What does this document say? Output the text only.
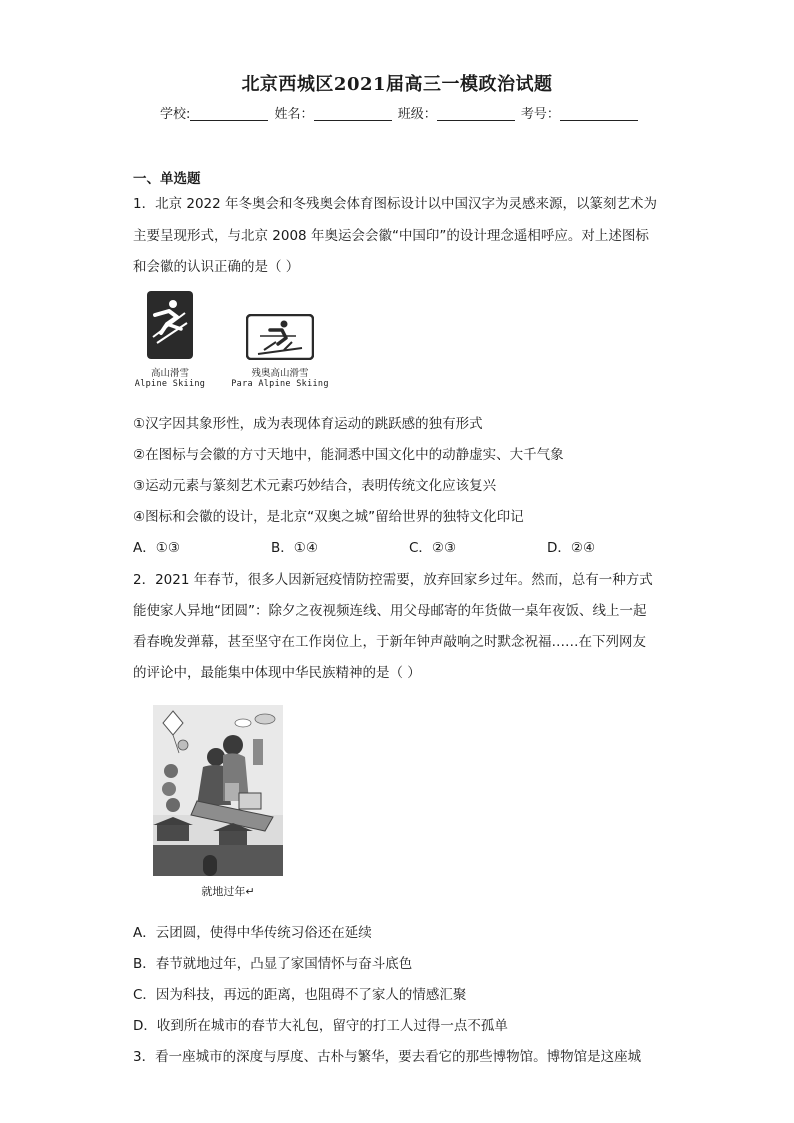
北京西城区2021届高三一模政治试题
学校:	姓名：	班级：	考号：
一、单选题
1．北京 2022 年冬奥会和冬残奥会体育图标设计以中国汉字为灵感来源，以篆刻艺术为
主要呈现形式，与北京 2008 年奥运会会徽“中国印”的设计理念遥相呼应。对上述图标
和会徽的认识正确的是（ ）
高山滑雪
Alpine Skiing
残奥高山滑雪
Para Alpine Skiing
①汉字因其象形性，成为表现体育运动的跳跃感的独有形式
②在图标与会徽的方寸天地中，能洞悉中国文化中的动静虚实、大千气象
③运动元素与篆刻艺术元素巧妙结合，表明传统文化应该复兴
④图标和会徽的设计，是北京“双奥之城”留给世界的独特文化印记
A．①③	B．①④	C．②③	D．②④
2．2021 年春节，很多人因新冠疫情防控需要，放弃回家乡过年。然而，总有一种方式
能使家人异地“团圆”：除夕之夜视频连线、用父母邮寄的年货做一桌年夜饭、线上一起
看春晚发弹幕，甚至坚守在工作岗位上，于新年钟声敲响之时默念祝福……在下列网友
的评论中，最能集中体现中华民族精神的是（ ）
就地过年↵
A．云团圆，使得中华传统习俗还在延续
B．春节就地过年，凸显了家国情怀与奋斗底色
C．因为科技，再远的距离，也阻碍不了家人的情感汇聚
D．收到所在城市的春节大礼包，留守的打工人过得一点不孤单
3．看一座城市的深度与厚度、古朴与繁华，要去看它的那些博物馆。博物馆是这座城
